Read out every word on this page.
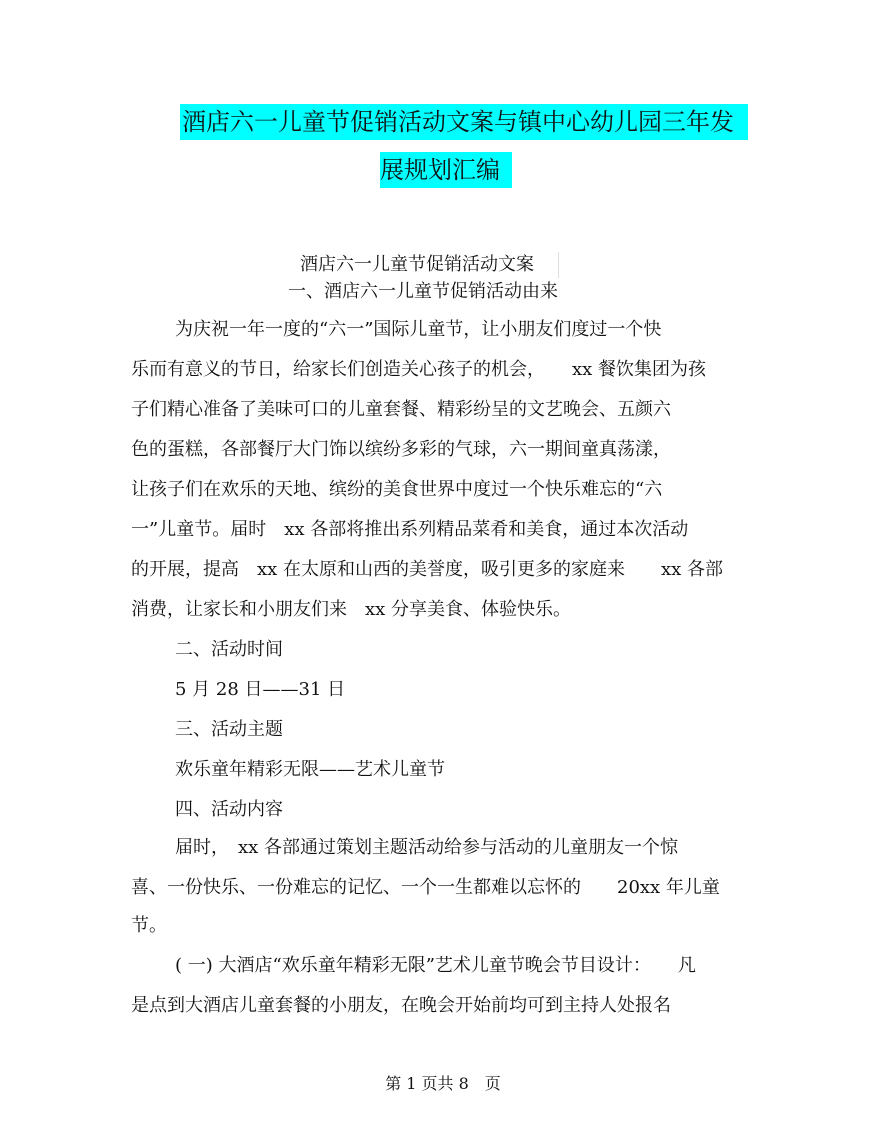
酒店六一儿童节促销活动文案与镇中心幼儿园三年发
展规划汇编
酒店六一儿童节促销活动文案
一、酒店六一儿童节促销活动由来
为庆祝一年一度的“六一”国际儿童节，让小朋友们度过一个快
乐而有意义的节日，给家长们创造关心孩子的机会，　　xx 餐饮集团为孩
子们精心准备了美味可口的儿童套餐、精彩纷呈的文艺晚会、五颜六
色的蛋糕，各部餐厅大门饰以缤纷多彩的气球，六一期间童真荡漾，
让孩子们在欢乐的天地、缤纷的美食世界中度过一个快乐难忘的“六
一”儿童节。届时　xx 各部将推出系列精品菜肴和美食，通过本次活动
的开展，提高　xx 在太原和山西的美誉度，吸引更多的家庭来　　xx 各部
消费，让家长和小朋友们来　xx 分享美食、体验快乐。
二、活动时间
5 月 28 日——31 日
三、活动主题
欢乐童年精彩无限——艺术儿童节
四、活动内容
届时，　xx 各部通过策划主题活动给参与活动的儿童朋友一个惊
喜、一份快乐、一份难忘的记忆、一个一生都难以忘怀的　　20xx 年儿童
节。
( 一) 大酒店“欢乐童年精彩无限”艺术儿童节晚会节目设计：　　凡
是点到大酒店儿童套餐的小朋友，在晚会开始前均可到主持人处报名
第 1 页共 8　页
